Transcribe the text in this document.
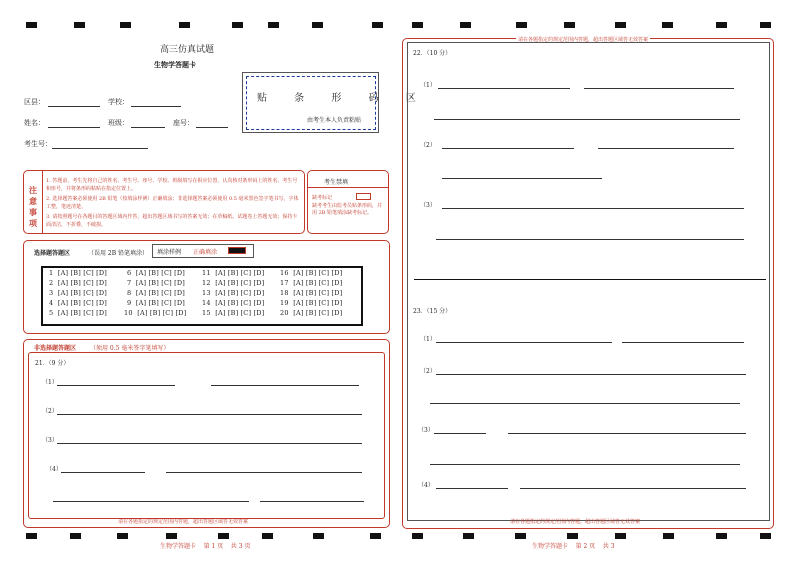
高三仿真试题
生物学答题卡
区县：	学校：
姓名：	班级：	座号：
考生号：
贴 条 形 码 区
由考生本人负责粘贴
注
意
事
项
1. 答题前，考生先将自己的姓名、考生号、座号、学校、班级填写在相应位置，认真核对条形码上的姓名、考生号和座号，并将条形码粘贴在指定位置上。
2. 选择题答案必须使用 2B 铅笔（按填涂样例）正确填涂；非选择题答案必须使用 0.5 毫米黑色签字笔书写，字体工整，笔迹清楚。
3. 请按照题号在各题目的答题区域内作答，超出答题区域书写的答案无效；在草稿纸、试题卷上答题无效；保持卡面清洁，不折叠，不破损。
考生禁填
缺考标记
缺考考生由监考员贴条形码，并用 2B 铅笔填涂缺考标记。
选择题答题区	（误用 2B 铅笔填涂） 填涂样例 正确填涂
1 [A] [B] [C] [D]
2 [A] [B] [C] [D]
3 [A] [B] [C] [D]
4 [A] [B] [C] [D]
5 [A] [B] [C] [D]
6 [A] [B] [C] [D]
7 [A] [B] [C] [D]
8 [A] [B] [C] [D]
9 [A] [B] [C] [D]
10 [A] [B] [C] [D]
11 [A] [B] [C] [D]
12 [A] [B] [C] [D]
13 [A] [B] [C] [D]
14 [A] [B] [C] [D]
15 [A] [B] [C] [D]
16 [A] [B] [C] [D]
17 [A] [B] [C] [D]
18 [A] [B] [C] [D]
19 [A] [B] [C] [D]
20 [A] [B] [C] [D]
非选择题答题区 （须用 0.5 毫米签字笔填写）
21．（9 分）
（1）
（2）
（3）
（4）
请在各题指定的规定范围内答题，超出答题区域答无效答案
生物学答题卡    第 1 页    共 3 页
请在各题指定的规定范围内答题，超出答题区域答无效答案
22．（10 分）
（1）
（2）
（3）
23．（15 分）
（1）
（2）
（3）
（4）
请在各题指定的规定范围内答题，超出答题区域答无效答案
生物学答题卡    第 2 页    共 3
